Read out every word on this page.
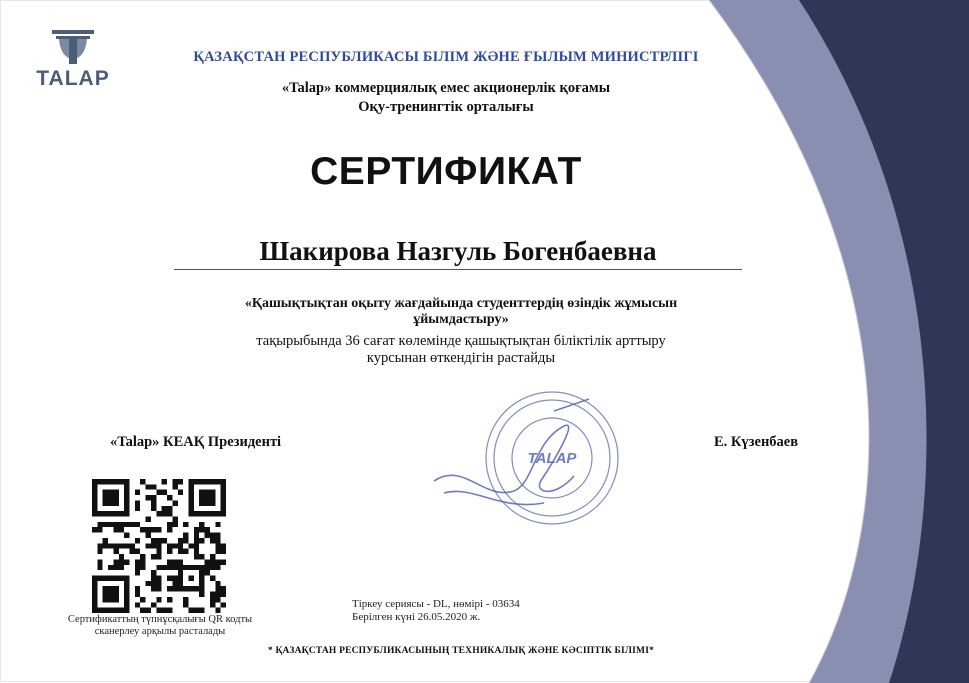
TALAP

ҚАЗАҚСТАН РЕСПУБЛИКАСЫ БІЛІМ ЖӘНЕ ҒЫЛЫМ МИНИСТРЛІГІ
«Talap» коммерциялық емес акционерлік қоғамы
Оқу-тренингтік орталығы
СЕРТИФИКАТ
Шакирова Назгуль Богенбаевна
«Қашықтықтан оқыту жағдайында студенттердің өзіндік жұмысын
ұйымдастыру»
тақырыбында 36 сағат көлемінде қашықтықтан біліктілік арттыру
курсынан өткендігін растайды
«Talap» КЕАҚ Президенті	Е. Күзенбаев
TALAP
Сертификаттың түпнұсқалығы QR кодты
сканерлеу арқылы расталады
Тіркеу сериясы - DL, нөмірі - 03634
Берілген күні 26.05.2020 ж.
* ҚАЗАҚСТАН РЕСПУБЛИКАСЫНЫҢ ТЕХНИКАЛЫҚ ЖӘНЕ КӘСІПТІК БІЛІМІ*
